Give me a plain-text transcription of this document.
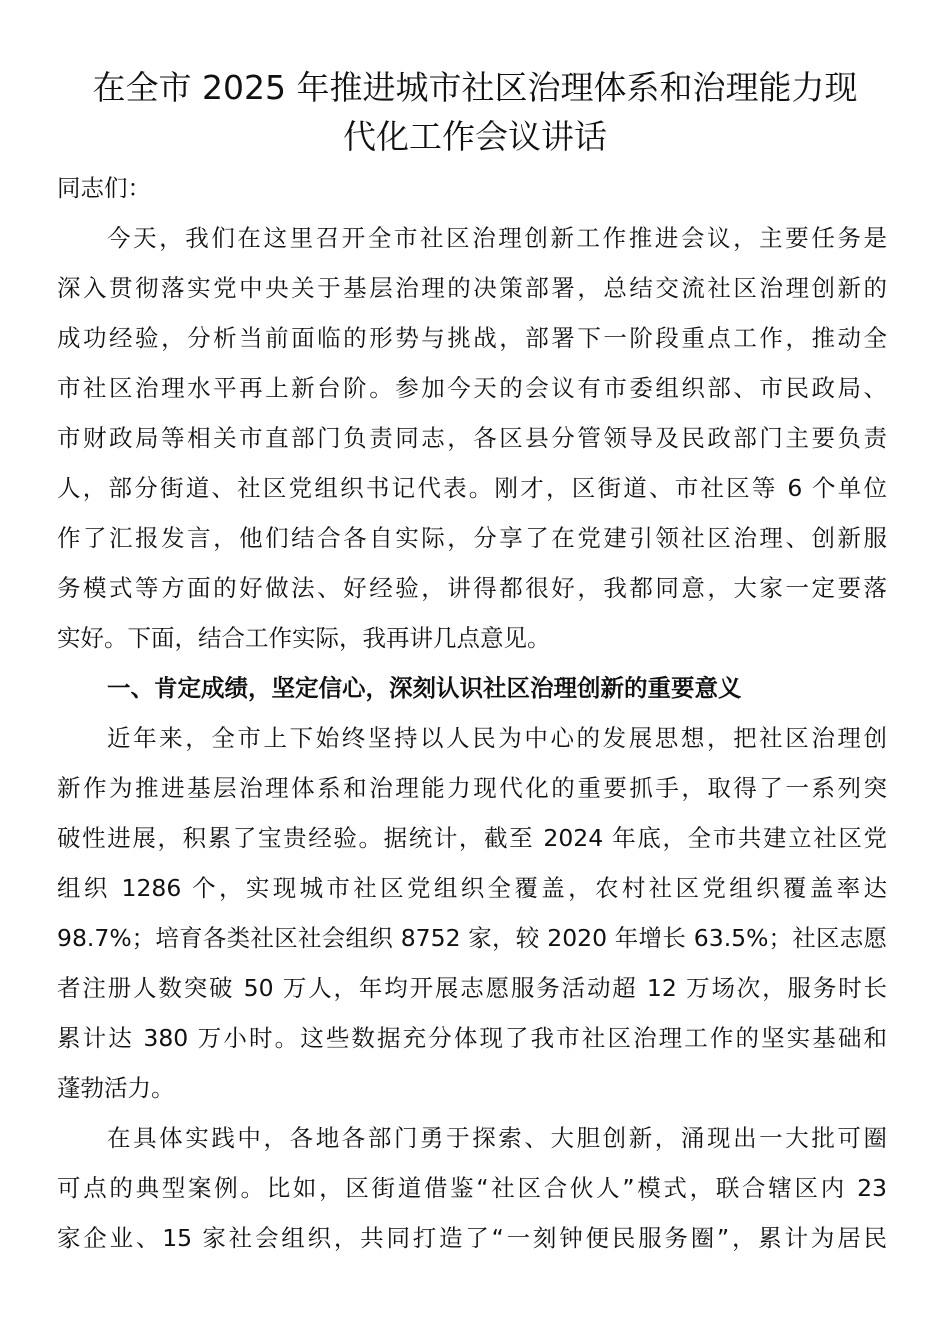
在全市 2025 年推进城市社区治理体系和治理能力现
代化工作会议讲话
同志们：
今天，我们在这里召开全市社区治理创新工作推进会议，主要任务是
深入贯彻落实党中央关于基层治理的决策部署，总结交流社区治理创新的
成功经验，分析当前面临的形势与挑战，部署下一阶段重点工作，推动全
市社区治理水平再上新台阶。参加今天的会议有市委组织部、市民政局、
市财政局等相关市直部门负责同志，各区县分管领导及民政部门主要负责
人，部分街道、社区党组织书记代表。刚才，区街道、市社区等 6 个单位
作了汇报发言，他们结合各自实际，分享了在党建引领社区治理、创新服
务模式等方面的好做法、好经验，讲得都很好，我都同意，大家一定要落
实好。下面，结合工作实际，我再讲几点意见。
一、肯定成绩，坚定信心，深刻认识社区治理创新的重要意义
近年来，全市上下始终坚持以人民为中心的发展思想，把社区治理创
新作为推进基层治理体系和治理能力现代化的重要抓手，取得了一系列突
破性进展，积累了宝贵经验。据统计，截至 2024 年底，全市共建立社区党
组织 1286 个，实现城市社区党组织全覆盖，农村社区党组织覆盖率达
98.7%；培育各类社区社会组织 8752 家，较 2020 年增长 63.5%；社区志愿
者注册人数突破 50 万人，年均开展志愿服务活动超 12 万场次，服务时长
累计达 380 万小时。这些数据充分体现了我市社区治理工作的坚实基础和
蓬勃活力。
在具体实践中，各地各部门勇于探索、大胆创新，涌现出一大批可圈
可点的典型案例。比如，区街道借鉴“社区合伙人”模式，联合辖区内 23
家企业、15 家社会组织，共同打造了“一刻钟便民服务圈”，累计为居民
